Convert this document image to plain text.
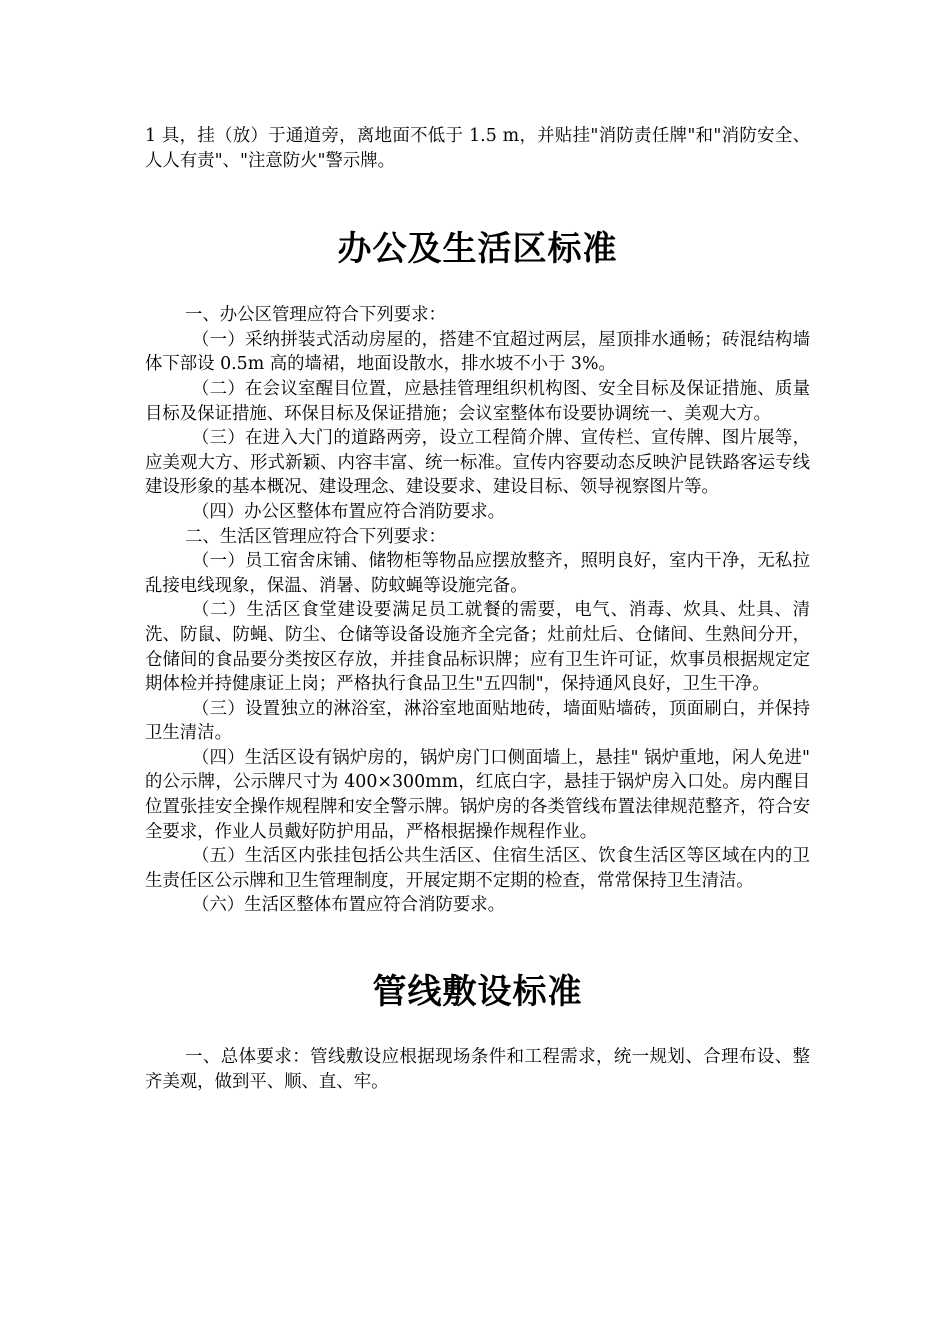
1 具，挂（放）于通道旁，离地面不低于 1.5 m，并贴挂"消防责任牌"和"消防安全、人人有责"、"注意防火"警示牌。

办公及生活区标准

一、办公区管理应符合下列要求：

（一）采纳拼装式活动房屋的，搭建不宜超过两层，屋顶排水通畅；砖混结构墙体下部设 0.5m 高的墙裙，地面设散水，排水坡不小于 3%。

（二）在会议室醒目位置，应悬挂管理组织机构图、安全目标及保证措施、质量目标及保证措施、环保目标及保证措施；会议室整体布设要协调统一、美观大方。

（三）在进入大门的道路两旁，设立工程简介牌、宣传栏、宣传牌、图片展等，应美观大方、形式新颖、内容丰富、统一标准。宣传内容要动态反映沪昆铁路客运专线建设形象的基本概况、建设理念、建设要求、建设目标、领导视察图片等。

（四）办公区整体布置应符合消防要求。

二、生活区管理应符合下列要求：

（一）员工宿舍床铺、储物柜等物品应摆放整齐，照明良好，室内干净，无私拉乱接电线现象，保温、消暑、防蚊蝇等设施完备。

（二）生活区食堂建设要满足员工就餐的需要，电气、消毒、炊具、灶具、清洗、防鼠、防蝇、防尘、仓储等设备设施齐全完备；灶前灶后、仓储间、生熟间分开，仓储间的食品要分类按区存放，并挂食品标识牌；应有卫生许可证，炊事员根据规定定期体检并持健康证上岗；严格执行食品卫生"五四制"，保持通风良好，卫生干净。

（三）设置独立的淋浴室，淋浴室地面贴地砖，墙面贴墙砖，顶面刷白，并保持卫生清洁。

（四）生活区设有锅炉房的，锅炉房门口侧面墙上，悬挂" 锅炉重地，闲人免进" 的公示牌，公示牌尺寸为 400×300mm，红底白字，悬挂于锅炉房入口处。房内醒目位置张挂安全操作规程牌和安全警示牌。锅炉房的各类管线布置法律规范整齐，符合安全要求，作业人员戴好防护用品，严格根据操作规程作业。

（五）生活区内张挂包括公共生活区、住宿生活区、饮食生活区等区域在内的卫生责任区公示牌和卫生管理制度，开展定期不定期的检查，常常保持卫生清洁。

（六）生活区整体布置应符合消防要求。

管线敷设标准

一、总体要求：管线敷设应根据现场条件和工程需求，统一规划、合理布设、整齐美观，做到平、顺、直、牢。
